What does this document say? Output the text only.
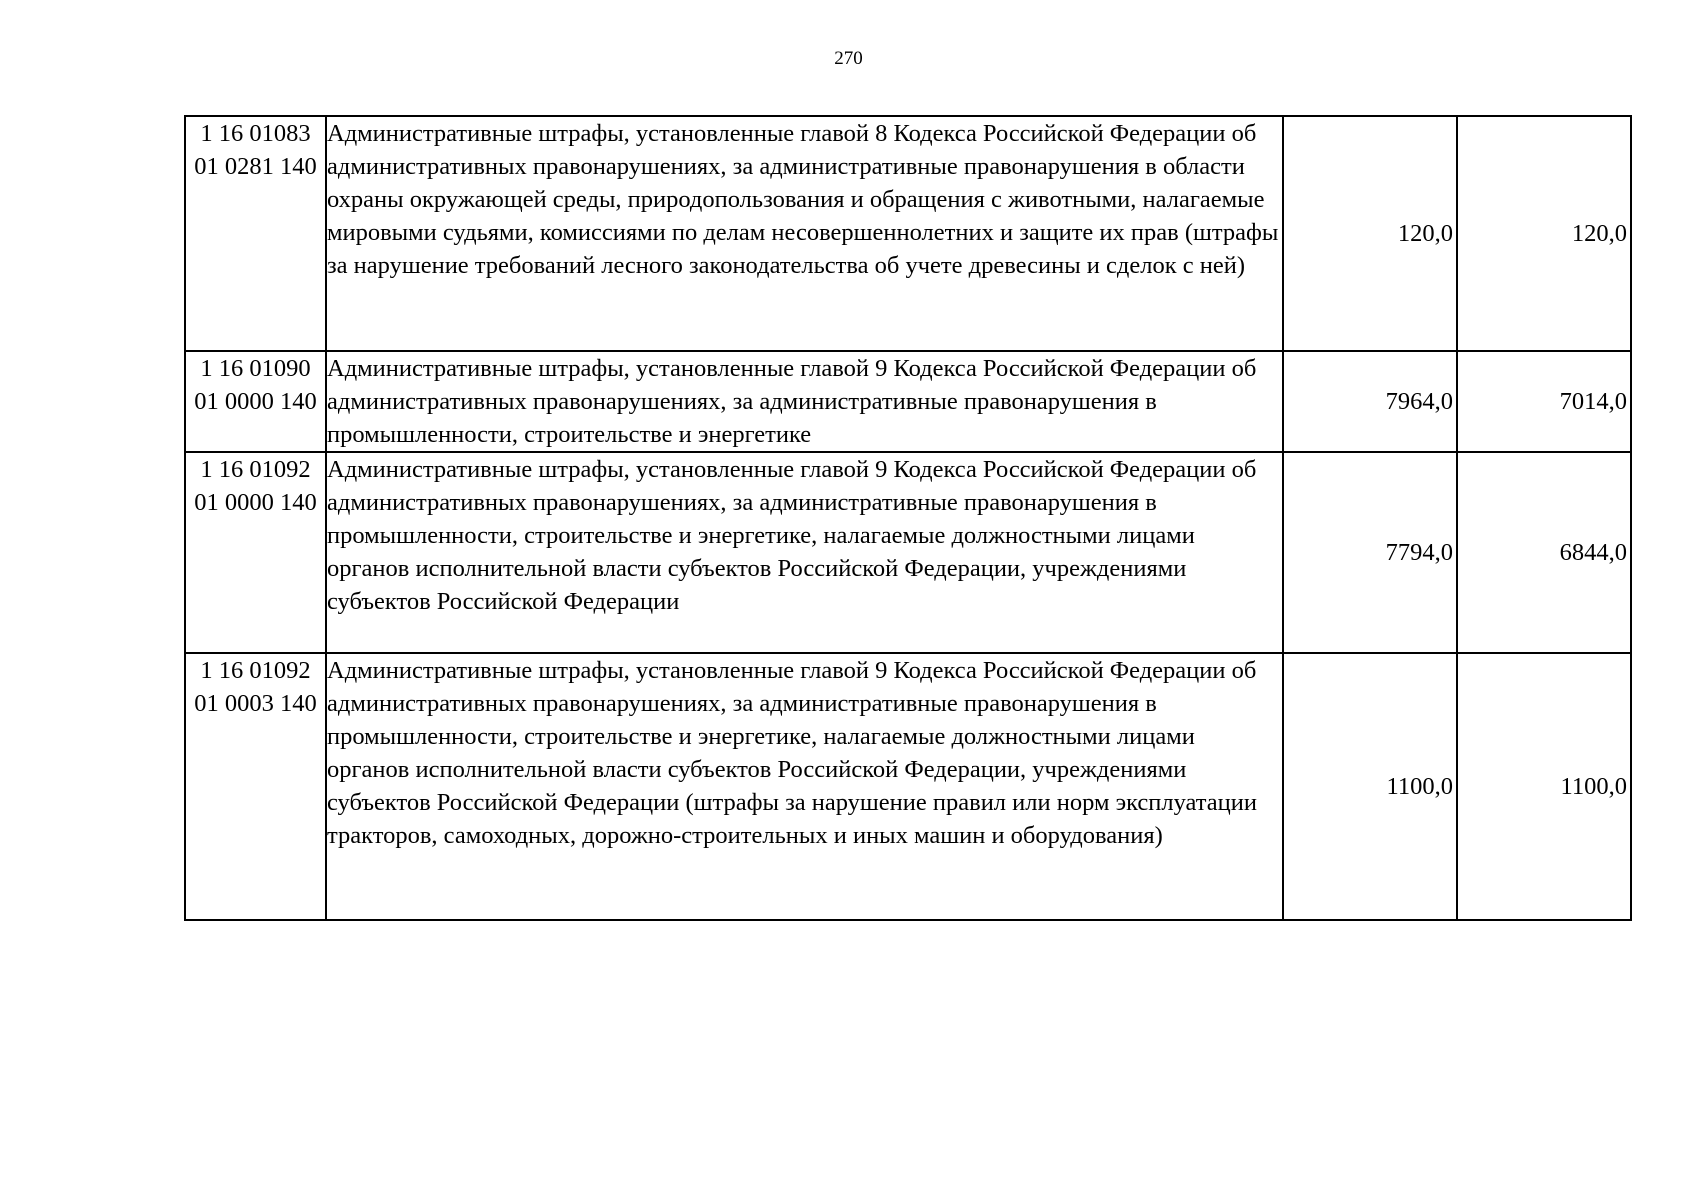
270
1 16 01083
01 0281 140	Административные штрафы, установленные главой 8 Кодекса Российской Федерации об административных правонарушениях, за административные правонарушения в области охраны окружающей среды, природопользования и обращения с животными, налагаемые мировыми судьями, комиссиями по делам несовершеннолетних и защите их прав (штрафы за нарушение требований лесного законодательства об учете древесины и сделок с ней)	120,0	120,0

1 16 01090
01 0000 140	Административные штрафы, установленные главой 9 Кодекса Российской Федерации об административных правонарушениях, за административные правонарушения в промышленности, строительстве и энергетике	7964,0	7014,0

1 16 01092
01 0000 140	Административные штрафы, установленные главой 9 Кодекса Российской Федерации об административных правонарушениях, за административные правонарушения в промышленности, строительстве и энергетике, налагаемые должностными лицами органов исполнительной власти субъектов Российской Федерации, учреждениями субъектов Российской Федерации	7794,0	6844,0

1 16 01092
01 0003 140	Административные штрафы, установленные главой 9 Кодекса Российской Федерации об административных правонарушениях, за административные правонарушения в промышленности, строительстве и энергетике, налагаемые должностными лицами органов исполнительной власти субъектов Российской Федерации, учреждениями субъектов Российской Федерации (штрафы за нарушение правил или норм эксплуатации тракторов, самоходных, дорожно-строительных и иных машин и оборудования)	1100,0	1100,0
